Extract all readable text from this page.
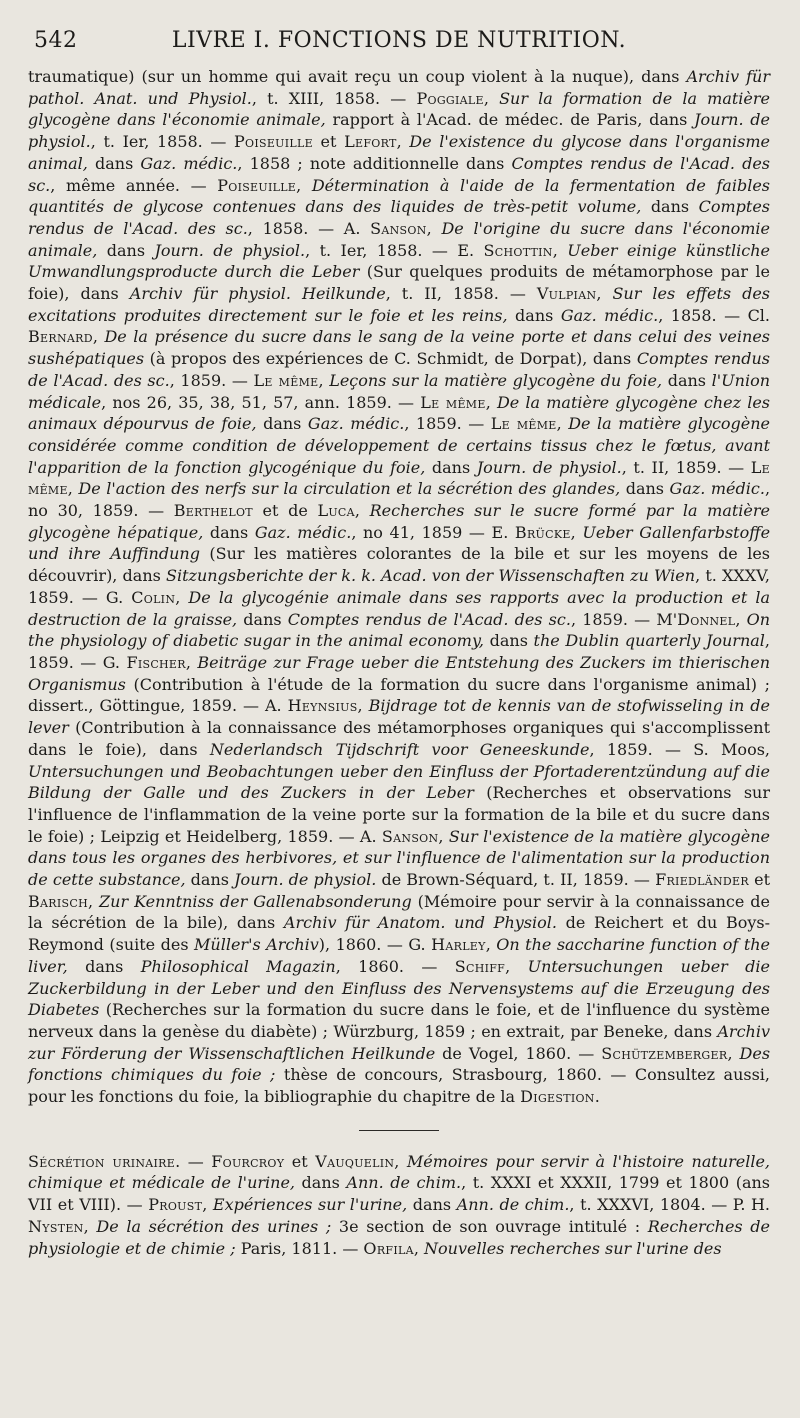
542	LIVRE I. FONCTIONS DE NUTRITION.

traumatique) (sur un homme qui avait reçu un coup violent à la nuque), dans Archiv für pathol. Anat. und Physiol., t. XIII, 1858. — Poggiale, Sur la formation de la matière glycogène dans l'économie animale, rapport à l'Acad. de médec. de Paris, dans Journ. de physiol., t. Ier, 1858. — Poiseuille et Lefort, De l'existence du glycose dans l'organisme animal, dans Gaz. médic., 1858 ; note additionnelle dans Comptes rendus de l'Acad. des sc., même année. — Poiseuille, Détermination à l'aide de la fermentation de faibles quantités de glycose contenues dans des liquides de très-petit volume, dans Comptes rendus de l'Acad. des sc., 1858. — A. Sanson, De l'origine du sucre dans l'économie animale, dans Journ. de physiol., t. Ier, 1858. — E. Schottin, Ueber einige künstliche Umwandlungsproducte durch die Leber (Sur quelques produits de métamorphose par le foie), dans Archiv für physiol. Heilkunde, t. II, 1858. — Vulpian, Sur les effets des excitations produites directement sur le foie et les reins, dans Gaz. médic., 1858. — Cl. Bernard, De la présence du sucre dans le sang de la veine porte et dans celui des veines sushépatiques (à propos des expériences de C. Schmidt, de Dorpat), dans Comptes rendus de l'Acad. des sc., 1859. — Le même, Leçons sur la matière glycogène du foie, dans l'Union médicale, nos 26, 35, 38, 51, 57, ann. 1859. — Le même, De la matière glycogène chez les animaux dépourvus de foie, dans Gaz. médic., 1859. — Le même, De la matière glycogène considérée comme condition de développement de certains tissus chez le fœtus, avant l'apparition de la fonction glycogénique du foie, dans Journ. de physiol., t. II, 1859. — Le même, De l'action des nerfs sur la circulation et la sécrétion des glandes, dans Gaz. médic., no 30, 1859. — Berthelot et de Luca, Recherches sur le sucre formé par la matière glycogène hépatique, dans Gaz. médic., no 41, 1859 — E. Brücke, Ueber Gallenfarbstoffe und ihre Auffindung (Sur les matières colorantes de la bile et sur les moyens de les découvrir), dans Sitzungsberichte der k. k. Acad. von der Wissenschaften zu Wien, t. XXXV, 1859. — G. Colin, De la glycogénie animale dans ses rapports avec la production et la destruction de la graisse, dans Comptes rendus de l'Acad. des sc., 1859. — M'Donnel, On the physiology of diabetic sugar in the animal economy, dans the Dublin quarterly Journal, 1859. — G. Fischer, Beiträge zur Frage ueber die Entstehung des Zuckers im thierischen Organismus (Contribution à l'étude de la formation du sucre dans l'organisme animal) ; dissert., Göttingue, 1859. — A. Heynsius, Bijdrage tot de kennis van de stofwisseling in de lever (Contribution à la connaissance des métamorphoses organiques qui s'accomplissent dans le foie), dans Nederlandsch Tijdschrift voor Geneeskunde, 1859. — S. Moos, Untersuchungen und Beobachtungen ueber den Einfluss der Pfortaderentzündung auf die Bildung der Galle und des Zuckers in der Leber (Recherches et observations sur l'influence de l'inflammation de la veine porte sur la formation de la bile et du sucre dans le foie) ; Leipzig et Heidelberg, 1859. — A. Sanson, Sur l'existence de la matière glycogène dans tous les organes des herbivores, et sur l'influence de l'alimentation sur la production de cette substance, dans Journ. de physiol. de Brown-Séquard, t. II, 1859. — Friedländer et Barisch, Zur Kenntniss der Gallenabsonderung (Mémoire pour servir à la connaissance de la sécrétion de la bile), dans Archiv für Anatom. und Physiol. de Reichert et du Boys-Reymond (suite des Müller's Archiv), 1860. — G. Harley, On the saccharine function of the liver, dans Philosophical Magazin, 1860. — Schiff, Untersuchungen ueber die Zuckerbildung in der Leber und den Einfluss des Nervensystems auf die Erzeugung des Diabetes (Recherches sur la formation du sucre dans le foie, et de l'influence du système nerveux dans la genèse du diabète) ; Würzburg, 1859 ; en extrait, par Beneke, dans Archiv zur Förderung der Wissenschaftlichen Heilkunde de Vogel, 1860. — Schützemberger, Des fonctions chimiques du foie ; thèse de concours, Strasbourg, 1860. — Consultez aussi, pour les fonctions du foie, la bibliographie du chapitre de la Digestion.

Sécrétion urinaire. — Fourcroy et Vauquelin, Mémoires pour servir à l'histoire naturelle, chimique et médicale de l'urine, dans Ann. de chim., t. XXXI et XXXII, 1799 et 1800 (ans VII et VIII). — Proust, Expériences sur l'urine, dans Ann. de chim., t. XXXVI, 1804. — P. H. Nysten, De la sécrétion des urines ; 3e section de son ouvrage intitulé : Recherches de physiologie et de chimie ; Paris, 1811. — Orfila, Nouvelles recherches sur l'urine des
